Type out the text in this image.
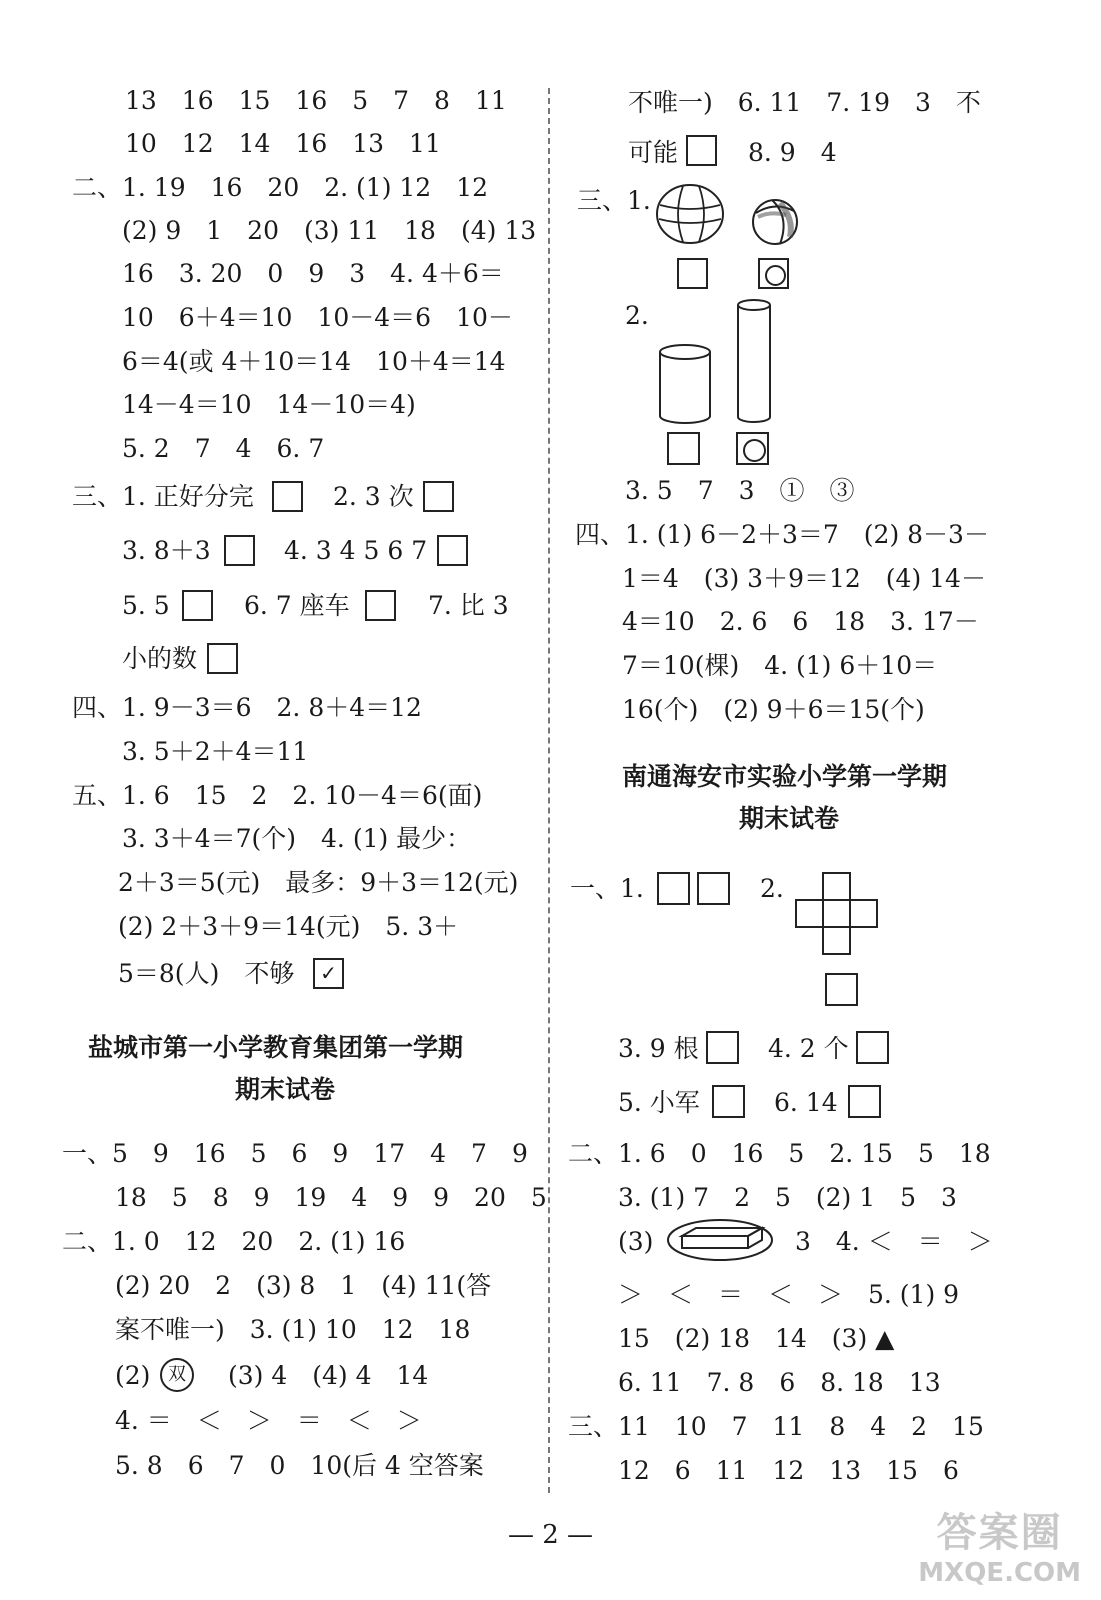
13　16　15　16　5　7　8　11
10　12　14　16　13　11
二、1. 19　16　20　2. (1) 12　12
(2) 9　1　20　(3) 11　18　(4) 13
16　3. 20　0　9　3　4. 4＋6＝
10　6＋4＝10　10－4＝6　10－
6＝4(或 4＋10＝14　10＋4＝14
14－4＝10　14－10＝4)
5. 2　7　4　6. 7
三、1. 正好分完	2. 3 次
3. 8＋3	4. 3 4 5 6 7
5. 5	6. 7 座车	7. 比 3
小的数
四、1. 9－3＝6　2. 8＋4＝12
3. 5＋2＋4＝11
五、1. 6　15　2　2. 10－4＝6(面)
3. 3＋4＝7(个)　4. (1) 最少：
2＋3＝5(元)　最多：9＋3＝12(元)
(2) 2＋3＋9＝14(元)　5. 3＋
5＝8(人)　不够	✓
盐城市第一小学教育集团第一学期
期末试卷
一、5　9　16　5　6　9　17　4　7　9
18　5　8　9　19　4　9　9　20　5
二、1. 0　12　20　2. (1) 16
(2) 20　2　(3) 8　1　(4) 11(答
案不唯一)　3. (1) 10　12　18
(2) 双	(3) 4　(4) 4　14
4. ＝　＜　＞　＝　＜　＞
5. 8　6　7　0　10(后 4 空答案
不唯一)　6. 11　7. 19　3　不
可能	8. 9　4
三、1.
2.
3. 5　7　3　①　③
四、1. (1) 6－2＋3＝7　(2) 8－3－
1＝4　(3) 3＋9＝12　(4) 14－
4＝10　2. 6　6　18　3. 17－
7＝10(棵)　4. (1) 6＋10＝
16(个)　(2) 9＋6＝15(个)
南通海安市实验小学第一学期
期末试卷
一、1.	2.
3. 9 根	4. 2 个
5. 小军	6. 14
二、1. 6　0　16　5　2. 15　5　18
3. (1) 7　2　5　(2) 1　5　3
(3)	3　4. ＜　＝　＞
＞　＜　＝　＜　＞　5. (1) 9
15　(2) 18　14　(3) ▲
6. 11　7. 8　6　8. 18　13
三、11　10　7　11　8　4　2　15
12　6　11　12　13　15　6
— 2 —	答案圈
MXQE.COM
